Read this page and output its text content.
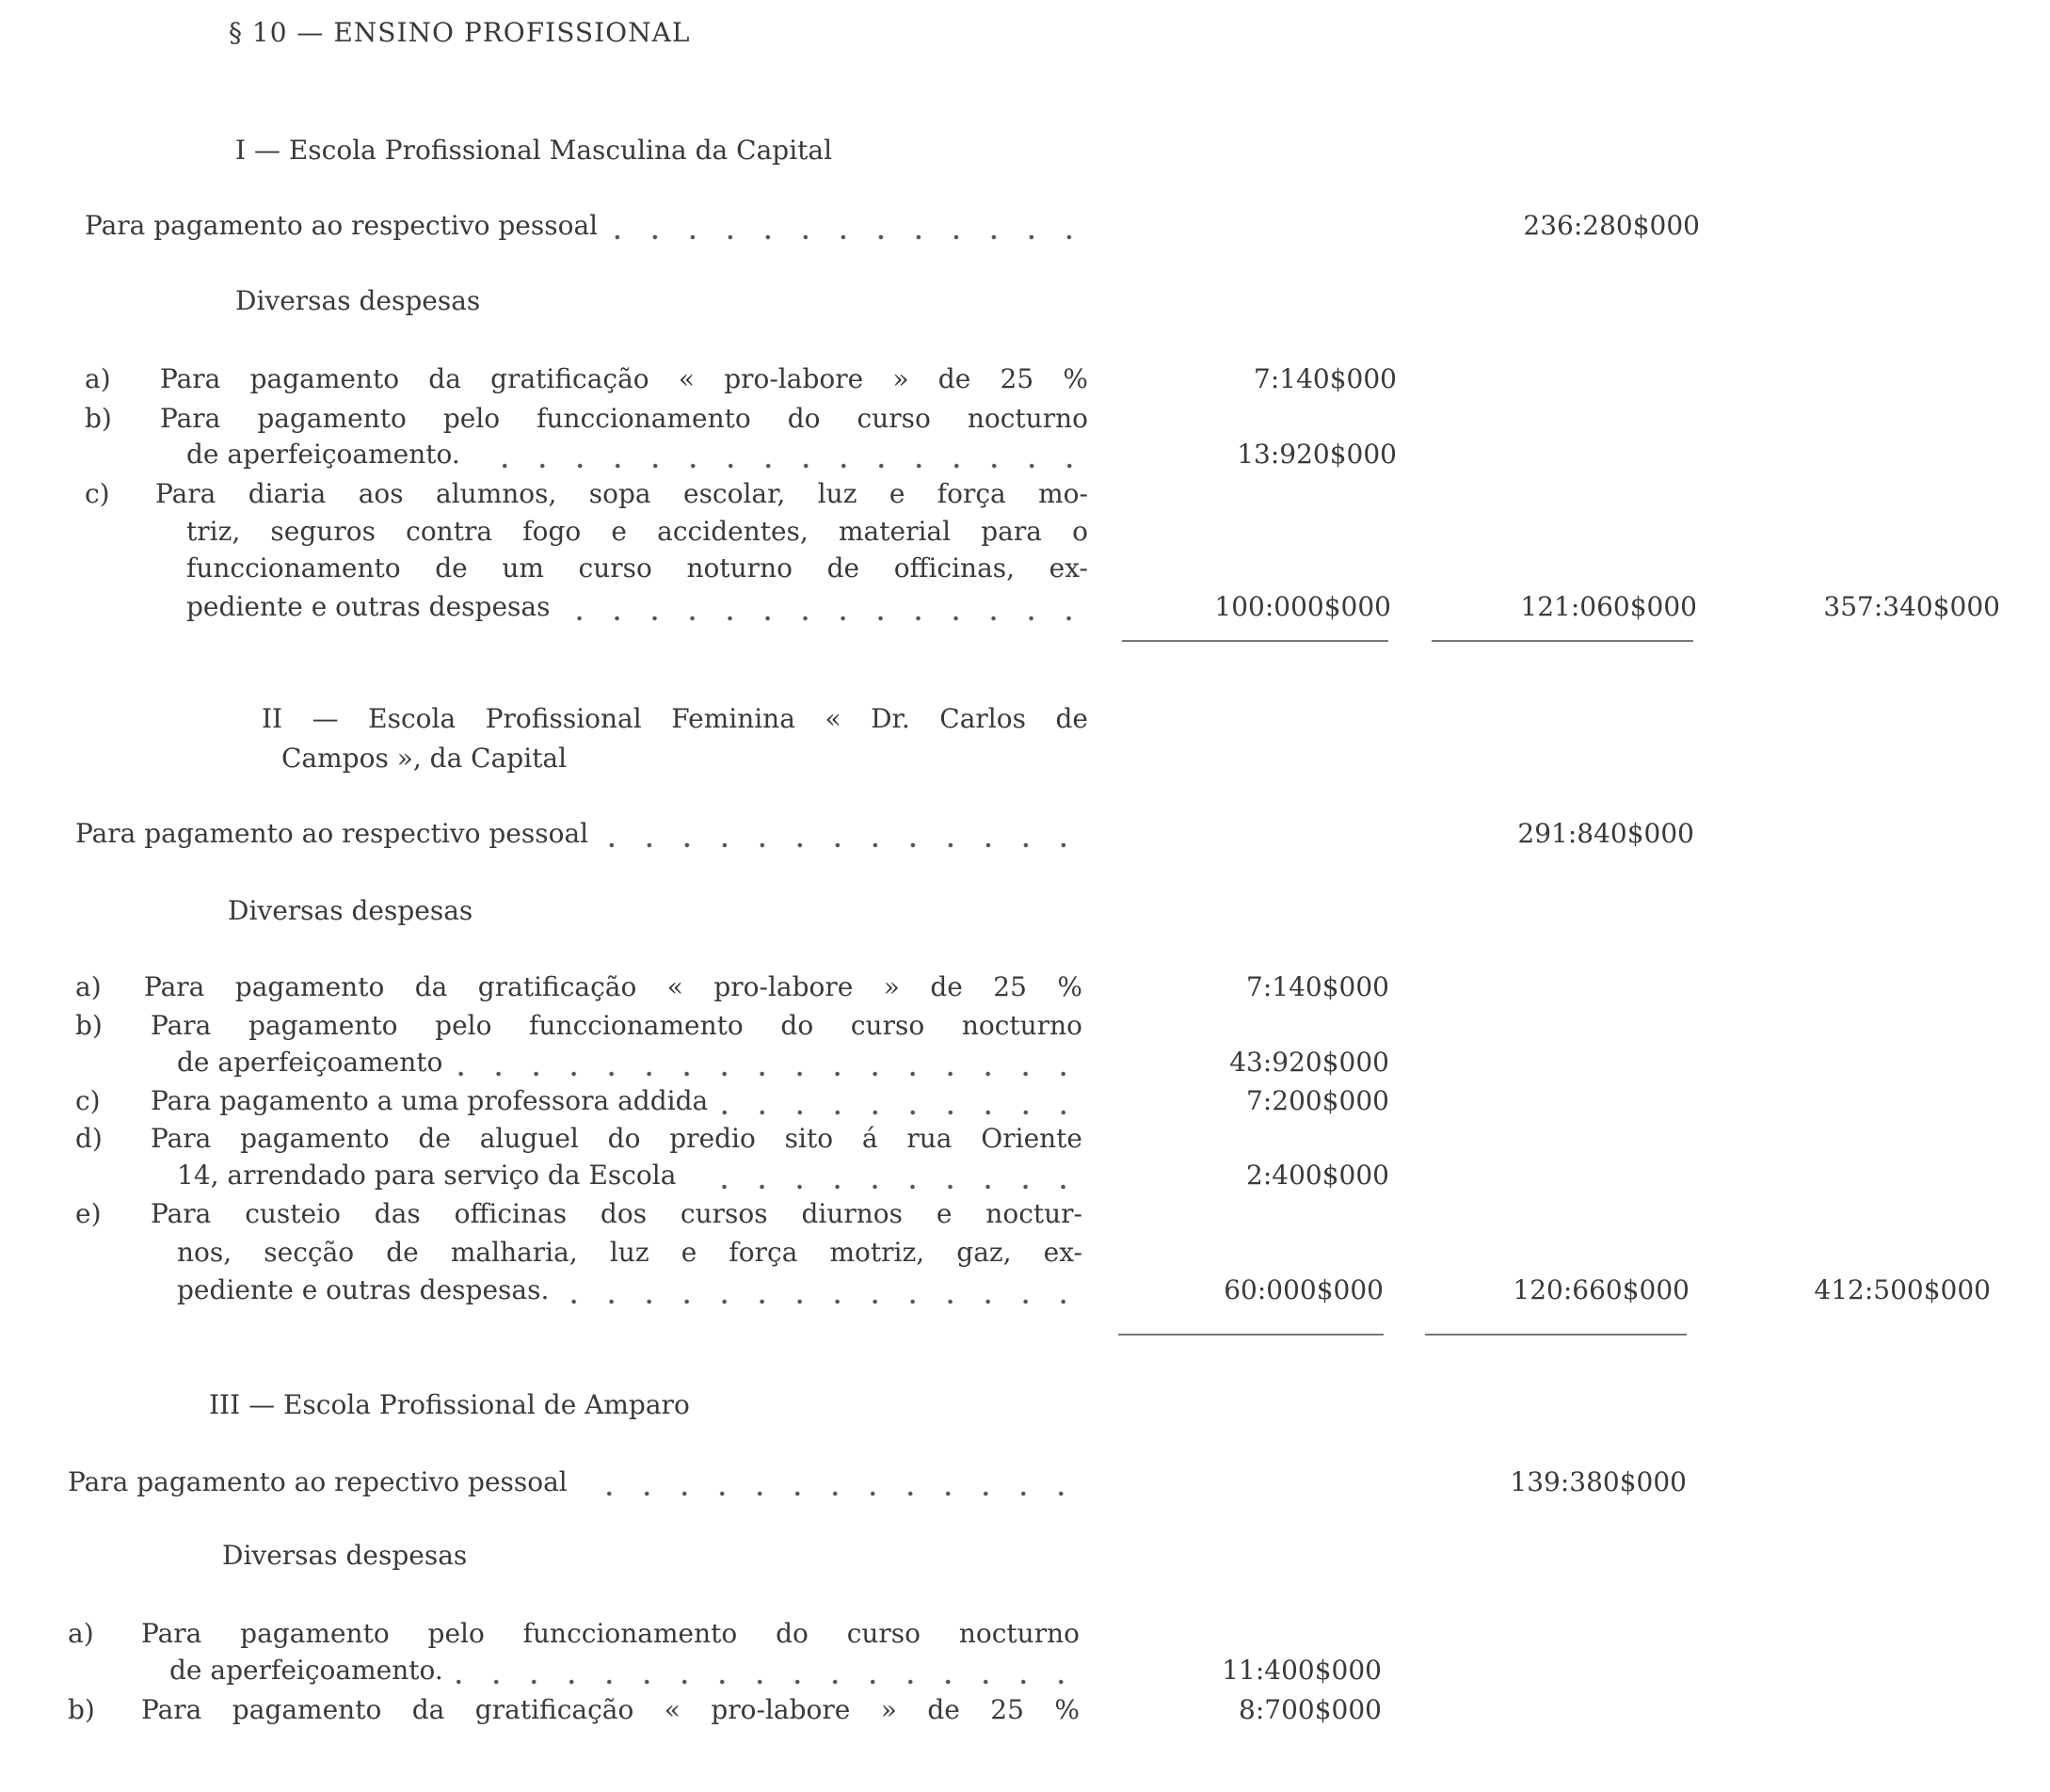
§ 10 — ENSINO PROFISSIONAL
I — Escola Profissional Masculina da Capital
Para pagamento ao respectivo pessoal	236:280$000
Diversas despesas
a) Para pagamento da gratificação « pro-labore » de 25 %	7:140$000
b) Para pagamento pelo funccionamento do curso nocturno
de aperfeiçoamento.	13:920$000
c) Para diaria aos alumnos, sopa escolar, luz e força mo-
triz, seguros contra fogo e accidentes, material para o
funccionamento de um curso noturno de officinas, ex-
pediente e outras despesas	100:000$000	121:060$000	357:340$000
II — Escola Profissional Feminina « Dr. Carlos de
Campos », da Capital
Para pagamento ao respectivo pessoal	291:840$000
Diversas despesas
a) Para pagamento da gratificação « pro-labore » de 25 %	7:140$000
b) Para pagamento pelo funccionamento do curso nocturno
de aperfeiçoamento	43:920$000
c) Para pagamento a uma professora addida	7:200$000
d) Para pagamento de aluguel do predio sito á rua Oriente
14, arrendado para serviço da Escola	2:400$000
e) Para custeio das officinas dos cursos diurnos e noctur-
nos, secção de malharia, luz e força motriz, gaz, ex-
pediente e outras despesas.	60:000$000	120:660$000	412:500$000
III — Escola Profissional de Amparo
Para pagamento ao repectivo pessoal	139:380$000
Diversas despesas
a) Para pagamento pelo funccionamento do curso nocturno
de aperfeiçoamento.	11:400$000
b) Para pagamento da gratificação « pro-labore » de 25 %	8:700$000
